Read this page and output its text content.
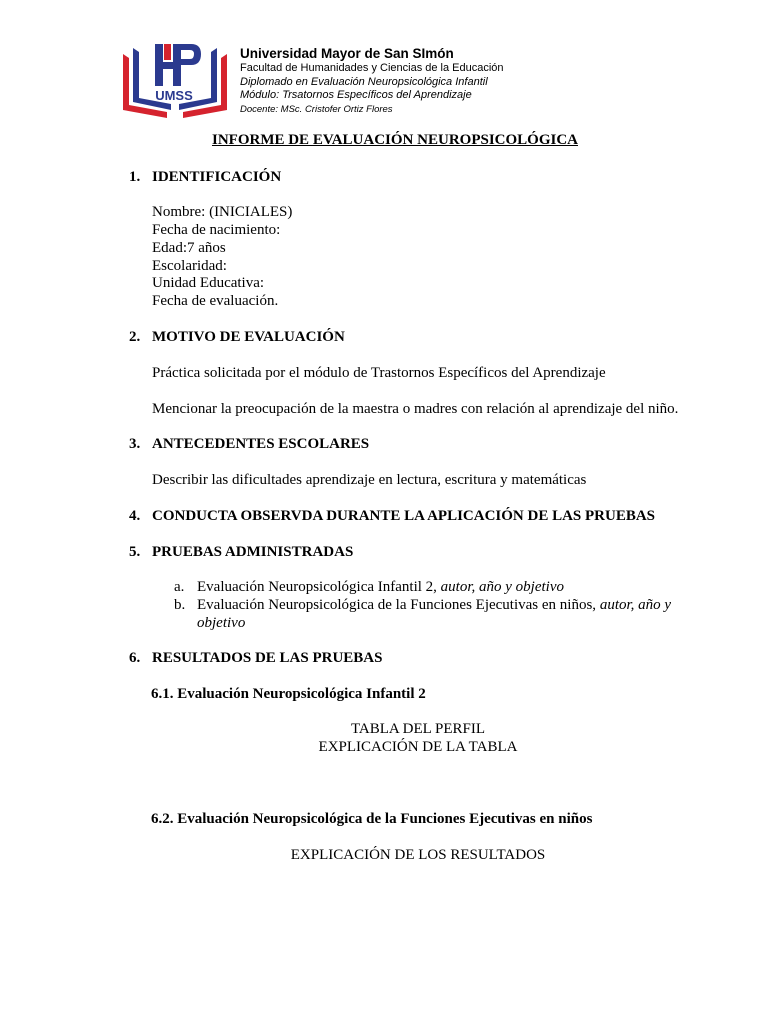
UMSS
Universidad Mayor de San SImón
Facultad de Humanidades y Ciencias de la Educación
Diplomado en Evaluación Neuropsicológica Infantil
Módulo: Trsatornos Específicos del Aprendizaje
Docente: MSc. Cristofer Ortiz Flores
INFORME DE EVALUACIÓN NEUROPSICOLÓGICA
1. IDENTIFICACIÓN
Nombre: (INICIALES)
Fecha de nacimiento:
Edad:7 años
Escolaridad:
Unidad Educativa:
Fecha de evaluación.
2. MOTIVO DE EVALUACIÓN
Práctica solicitada por el módulo de Trastornos Específicos del Aprendizaje
Mencionar la preocupación de la maestra o madres con relación al aprendizaje del niño.
3. ANTECEDENTES ESCOLARES
Describir las dificultades aprendizaje en lectura, escritura y matemáticas
4. CONDUCTA OBSERVDA DURANTE LA APLICACIÓN DE LAS PRUEBAS
5. PRUEBAS ADMINISTRADAS
a. Evaluación Neuropsicológica Infantil 2, autor, año y objetivo
b. Evaluación Neuropsicológica de la Funciones Ejecutivas en niños, autor, año y
objetivo
6. RESULTADOS DE LAS PRUEBAS
6.1. Evaluación Neuropsicológica Infantil 2
TABLA DEL PERFIL
EXPLICACIÓN DE LA TABLA
6.2. Evaluación Neuropsicológica de la Funciones Ejecutivas en niños
EXPLICACIÓN DE LOS RESULTADOS
